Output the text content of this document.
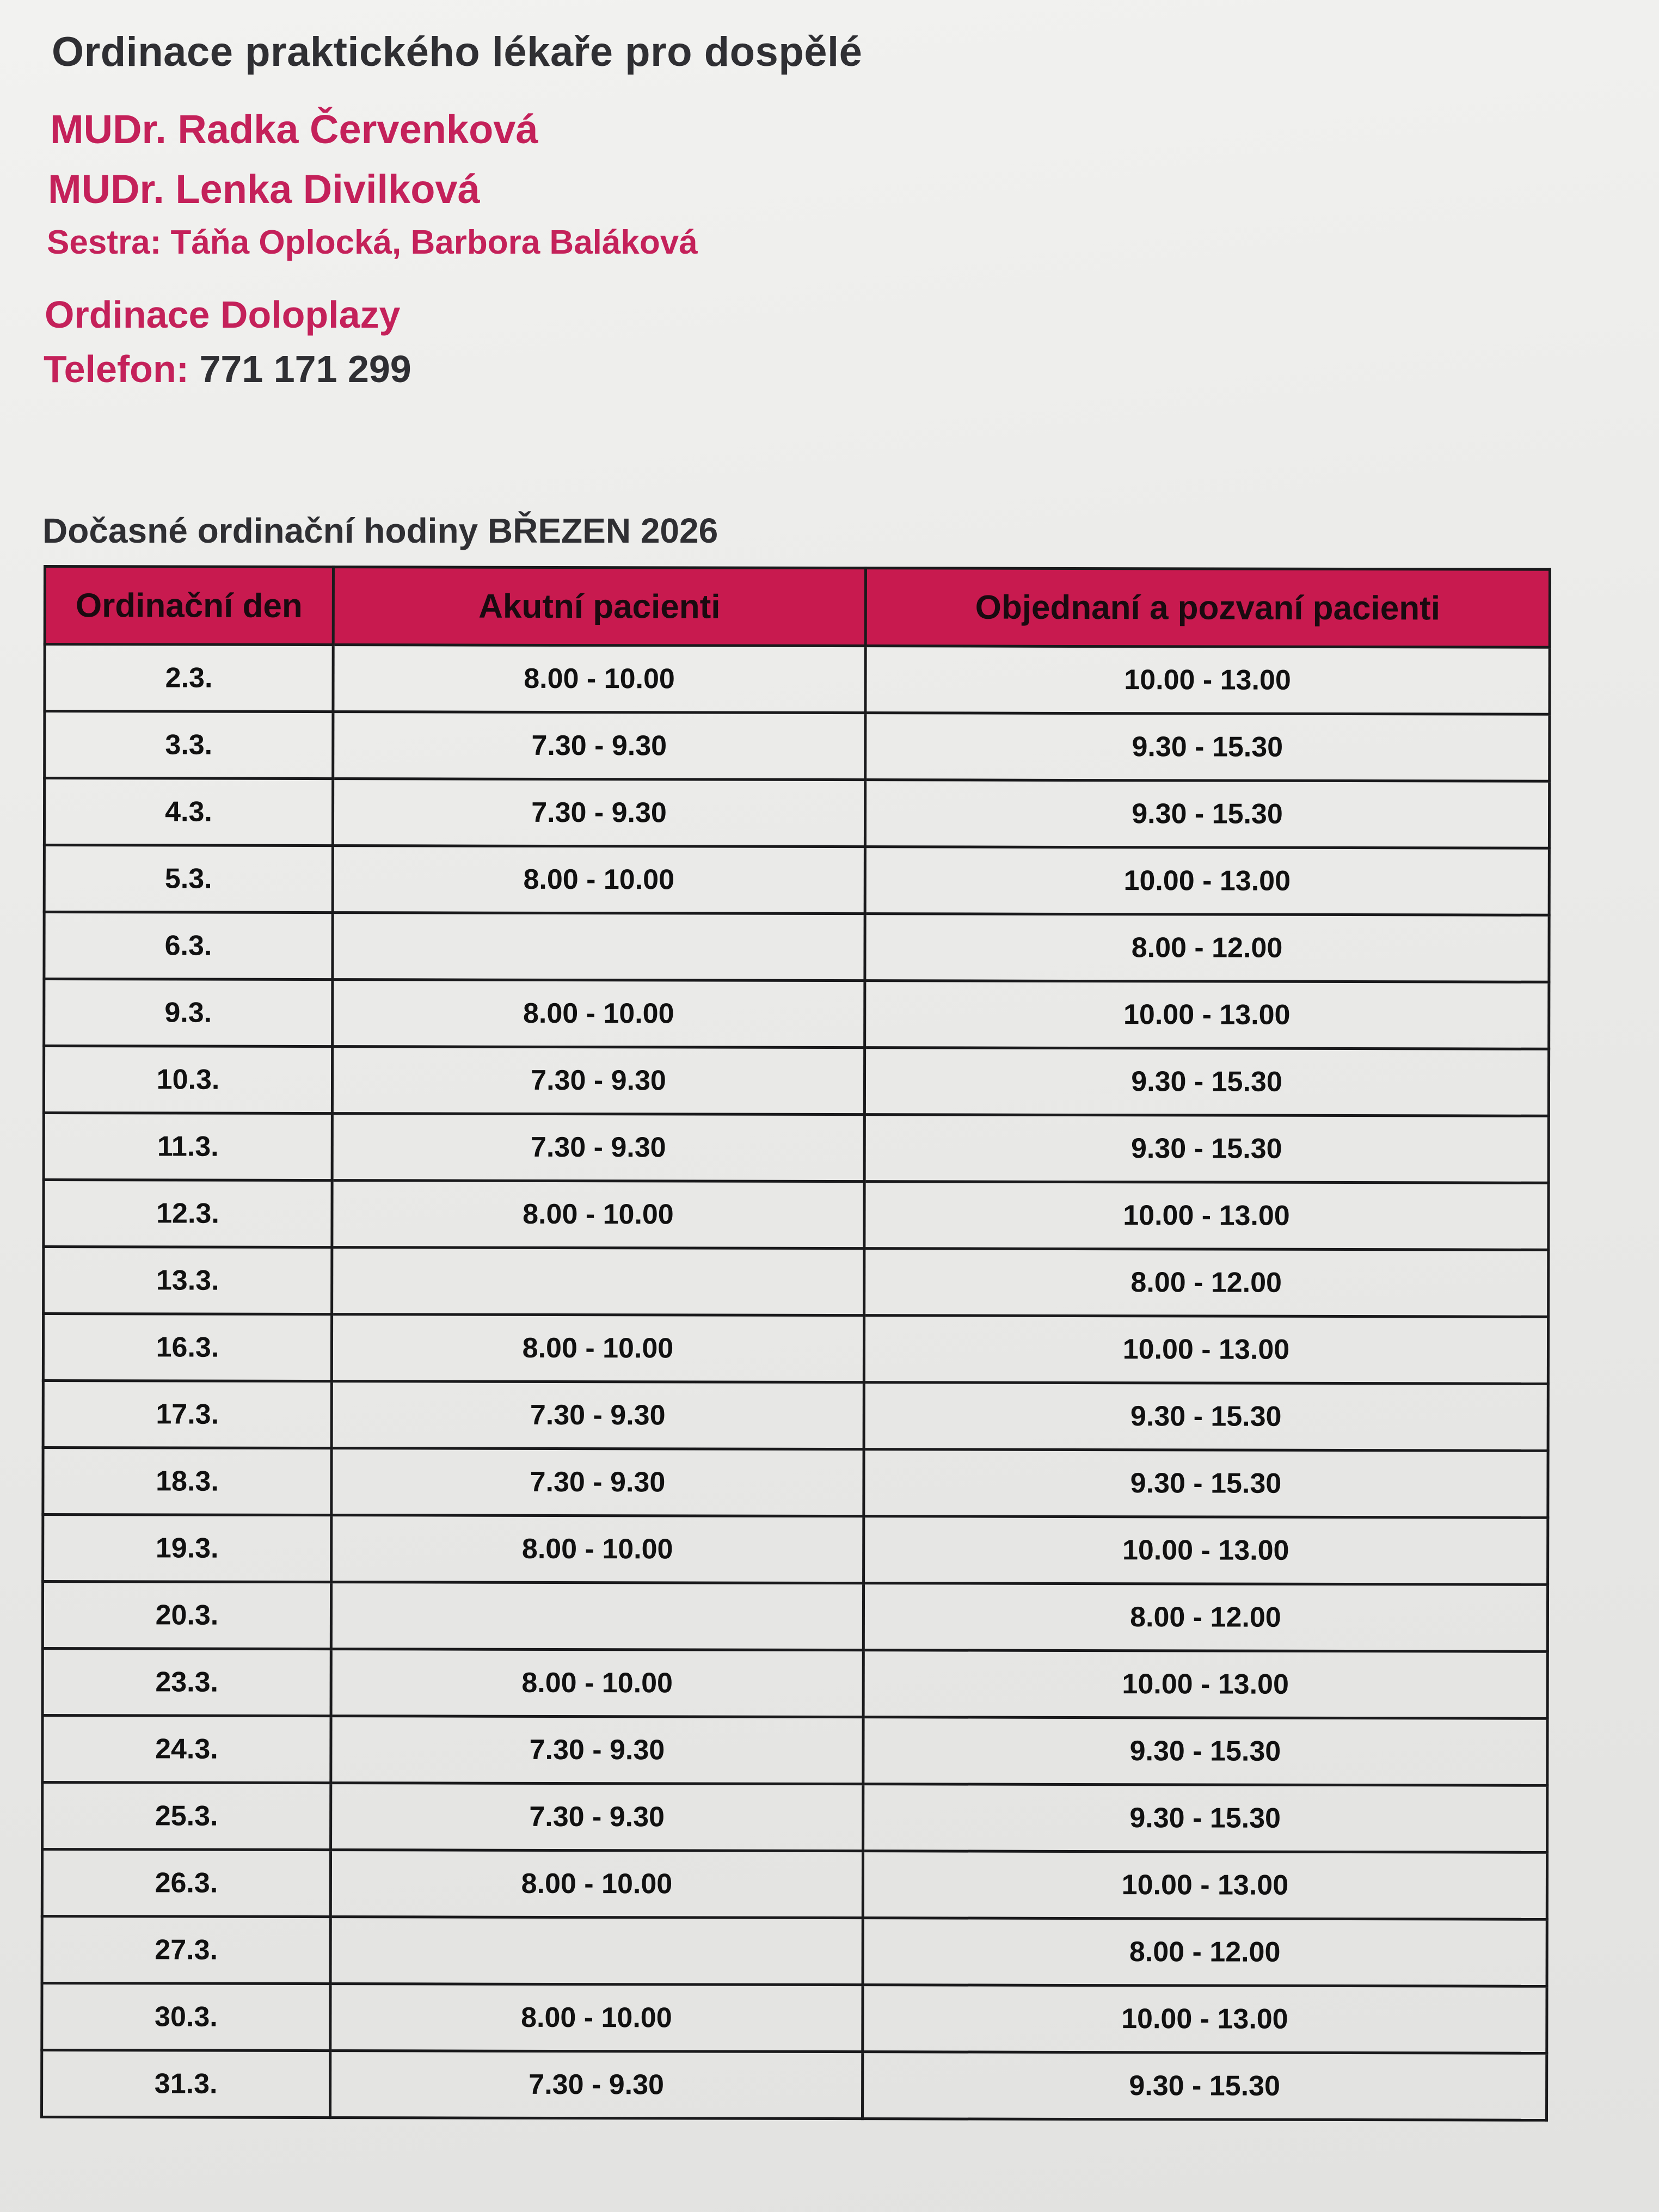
Ordinace praktického lékaře pro dospělé
MUDr. Radka Červenková
MUDr. Lenka Divilková
Sestra: Táňa Oplocká, Barbora Baláková
Ordinace Doloplazy
Telefon: 771 171 299
Dočasné ordinační hodiny BŘEZEN 2026
Ordinační den	Akutní pacienti	Objednaní a pozvaní pacienti
2.3.	8.00 - 10.00	10.00 - 13.00
3.3.	7.30 - 9.30	9.30 - 15.30
4.3.	7.30 - 9.30	9.30 - 15.30
5.3.	8.00 - 10.00	10.00 - 13.00
6.3.		8.00 - 12.00
9.3.	8.00 - 10.00	10.00 - 13.00
10.3.	7.30 - 9.30	9.30 - 15.30
11.3.	7.30 - 9.30	9.30 - 15.30
12.3.	8.00 - 10.00	10.00 - 13.00
13.3.		8.00 - 12.00
16.3.	8.00 - 10.00	10.00 - 13.00
17.3.	7.30 - 9.30	9.30 - 15.30
18.3.	7.30 - 9.30	9.30 - 15.30
19.3.	8.00 - 10.00	10.00 - 13.00
20.3.		8.00 - 12.00
23.3.	8.00 - 10.00	10.00 - 13.00
24.3.	7.30 - 9.30	9.30 - 15.30
25.3.	7.30 - 9.30	9.30 - 15.30
26.3.	8.00 - 10.00	10.00 - 13.00
27.3.		8.00 - 12.00
30.3.	8.00 - 10.00	10.00 - 13.00
31.3.	7.30 - 9.30	9.30 - 15.30
